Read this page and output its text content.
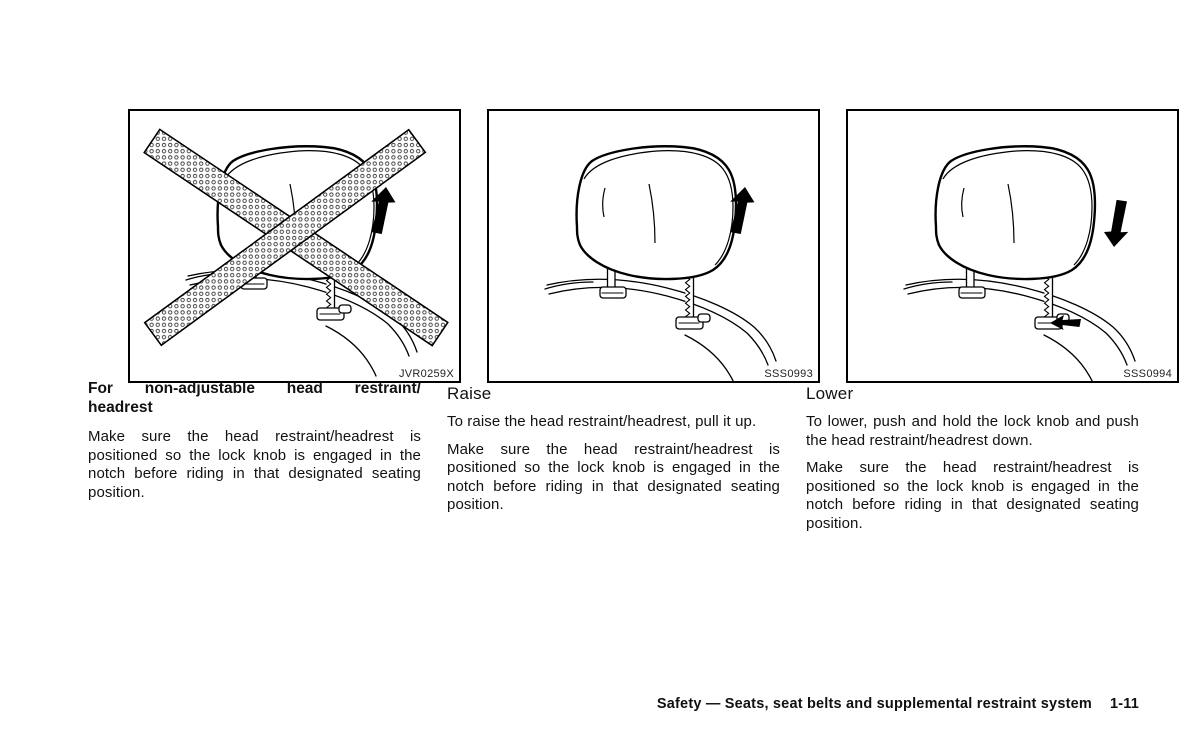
JVR0259X	SSS0993	SSS0994
For non-adjustable head restraint/
headrest

Make sure the head restraint/headrest is positioned so the lock knob is engaged in the notch before riding in that designated seating position.

Raise

To raise the head restraint/headrest, pull it up.

Make sure the head restraint/headrest is positioned so the lock knob is engaged in the notch before riding in that designated seating position.

Lower

To lower, push and hold the lock knob and push the head restraint/headrest down.

Make sure the head restraint/headrest is positioned so the lock knob is engaged in the notch before riding in that designated seating position.

Safety — Seats, seat belts and supplemental restraint system 1-11
